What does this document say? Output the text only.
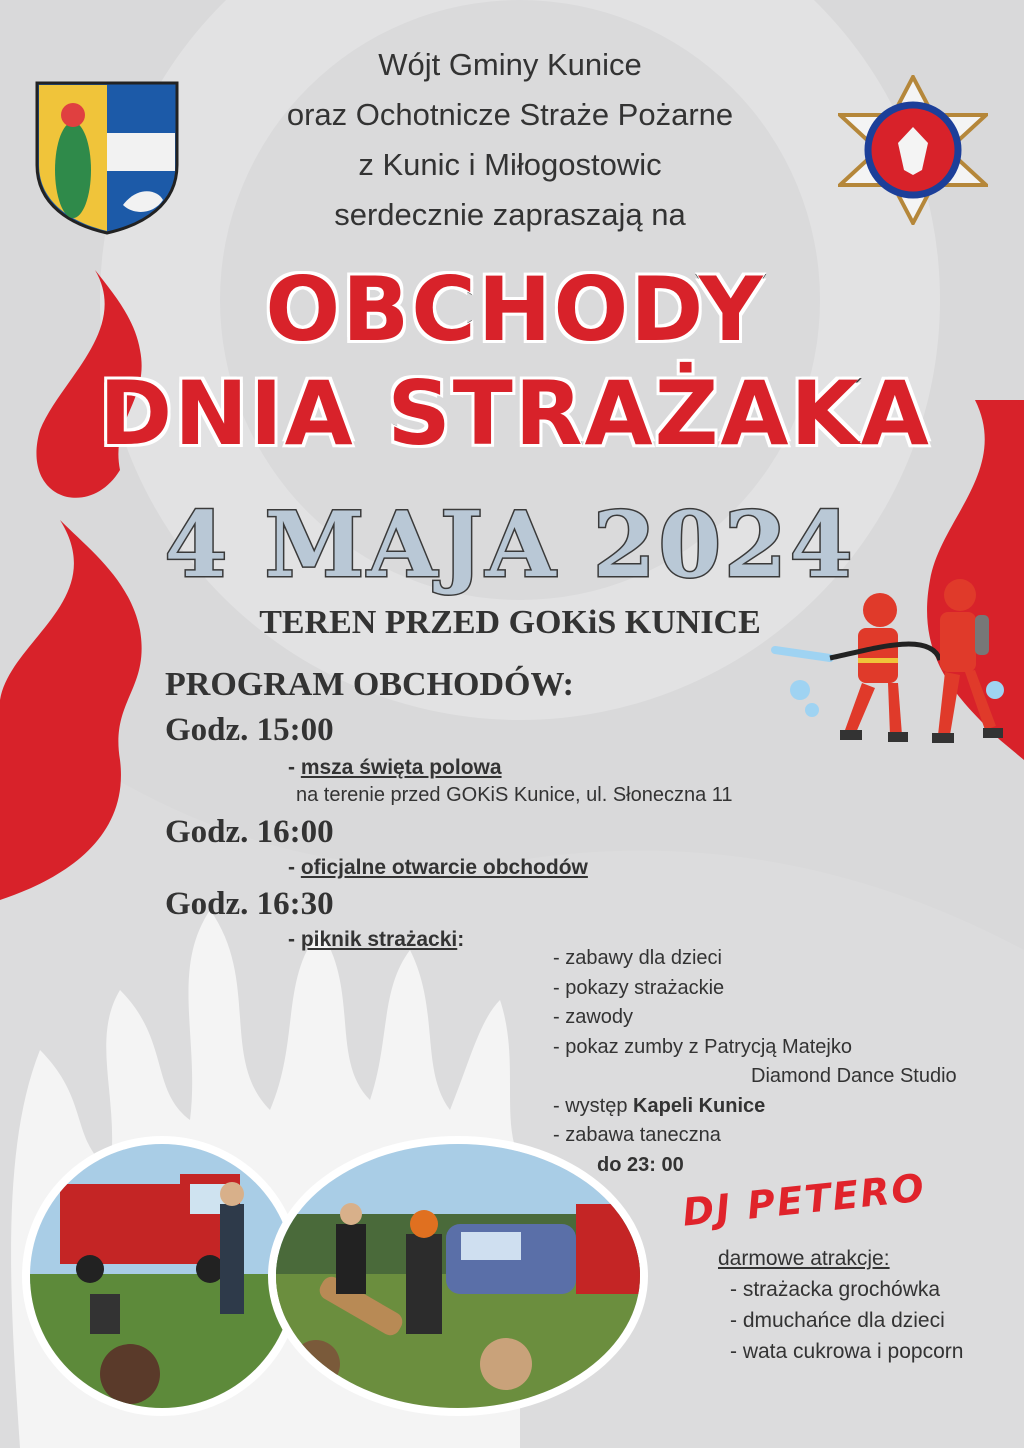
Wójt Gminy Kunice
oraz Ochotnicze Straże Pożarne
z Kunic i Miłogostowic
serdecznie zapraszają na
OBCHODY
DNIA STRAŻAKA
4 MAJA 2024
TEREN PRZED GOKiS KUNICE
PROGRAM OBCHODÓW:
Godz. 15:00
- msza święta polowa
na terenie przed GOKiS Kunice, ul. Słoneczna 11
Godz. 16:00
- oficjalne otwarcie obchodów
Godz. 16:30
- piknik strażacki:
- zabawy dla dzieci
- pokazy strażackie
- zawody
- pokaz zumby z Patrycją Matejko
Diamond Dance Studio
- występ Kapeli Kunice
- zabawa taneczna
do 23: 00
DJ PETERO
darmowe atrakcje:
- strażacka grochówka
- dmuchańce dla dzieci
- wata cukrowa i popcorn
